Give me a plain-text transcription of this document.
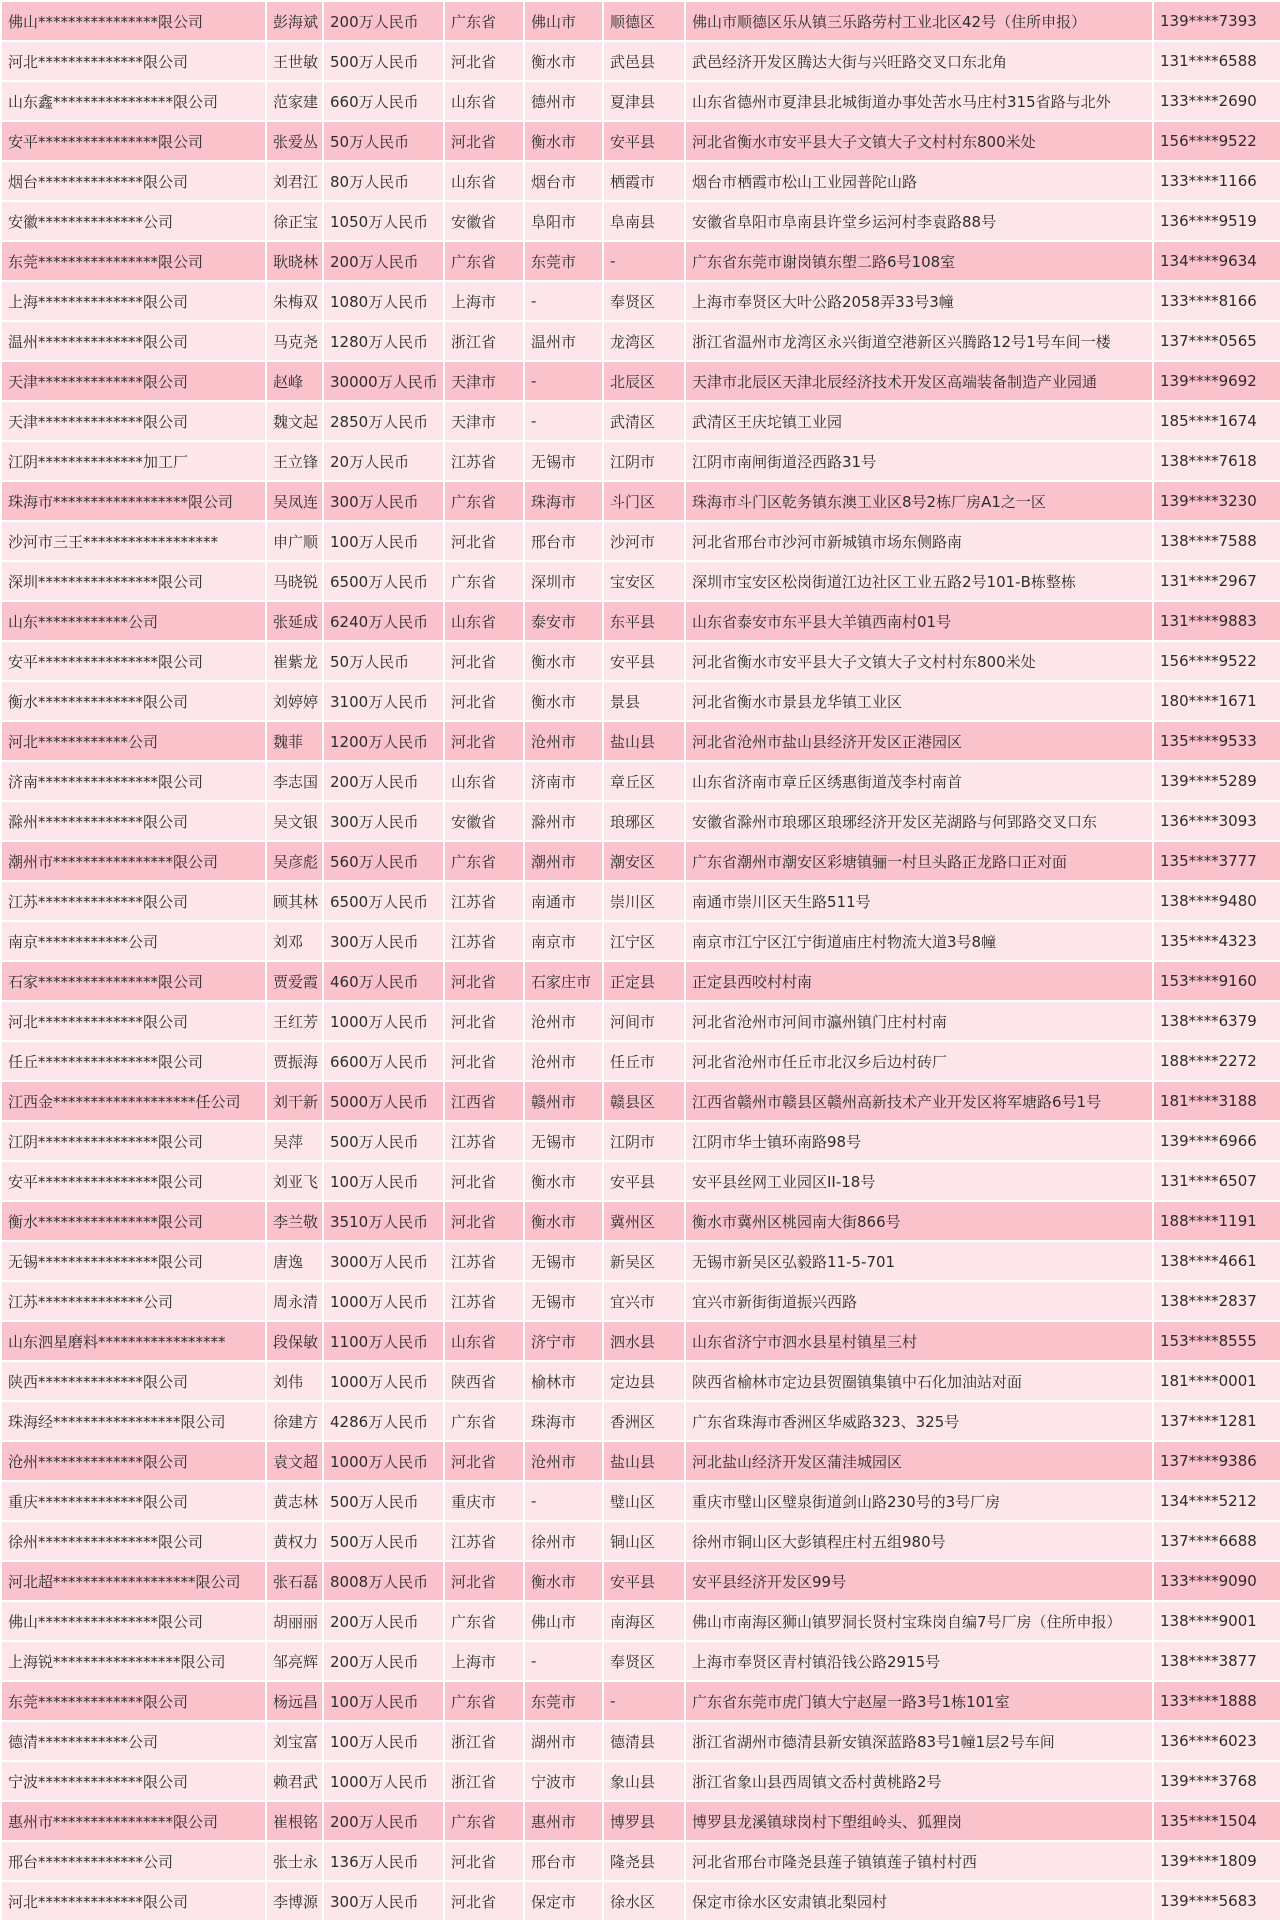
佛山****************限公司	彭海斌	200万人民币	广东省	佛山市	顺德区	佛山市顺德区乐从镇三乐路劳村工业北区42号（住所申报）	139****7393
河北**************限公司	王世敏	500万人民币	河北省	衡水市	武邑县	武邑经济开发区腾达大街与兴旺路交叉口东北角	131****6588
山东鑫****************限公司	范家建	660万人民币	山东省	德州市	夏津县	山东省德州市夏津县北城街道办事处苦水马庄村315省路与北外	133****2690
安平****************限公司	张爱丛	50万人民币	河北省	衡水市	安平县	河北省衡水市安平县大子文镇大子文村村东800米处	156****9522
烟台**************限公司	刘君江	80万人民币	山东省	烟台市	栖霞市	烟台市栖霞市松山工业园普陀山路	133****1166
安徽**************公司	徐正宝	1050万人民币	安徽省	阜阳市	阜南县	安徽省阜阳市阜南县许堂乡运河村李袁路88号	136****9519
东莞****************限公司	耿晓林	200万人民币	广东省	东莞市	-	广东省东莞市谢岗镇东塱二路6号108室	134****9634
上海**************限公司	朱梅双	1080万人民币	上海市	-	奉贤区	上海市奉贤区大叶公路2058弄33号3幢	133****8166
温州**************限公司	马克尧	1280万人民币	浙江省	温州市	龙湾区	浙江省温州市龙湾区永兴街道空港新区兴腾路12号1号车间一楼	137****0565
天津**************限公司	赵峰	30000万人民币	天津市	-	北辰区	天津市北辰区天津北辰经济技术开发区高端装备制造产业园通	139****9692
天津**************限公司	魏文起	2850万人民币	天津市	-	武清区	武清区王庆坨镇工业园	185****1674
江阴**************加工厂	王立锋	20万人民币	江苏省	无锡市	江阴市	江阴市南闸街道泾西路31号	138****7618
珠海市******************限公司	吴凤连	300万人民币	广东省	珠海市	斗门区	珠海市斗门区乾务镇东澳工业区8号2栋厂房A1之一区	139****3230
沙河市三王******************	申广顺	100万人民币	河北省	邢台市	沙河市	河北省邢台市沙河市新城镇市场东侧路南	138****7588
深圳****************限公司	马晓锐	6500万人民币	广东省	深圳市	宝安区	深圳市宝安区松岗街道江边社区工业五路2号101-B栋整栋	131****2967
山东************公司	张延成	6240万人民币	山东省	泰安市	东平县	山东省泰安市东平县大羊镇西南村01号	131****9883
安平****************限公司	崔紫龙	50万人民币	河北省	衡水市	安平县	河北省衡水市安平县大子文镇大子文村村东800米处	156****9522
衡水**************限公司	刘婷婷	3100万人民币	河北省	衡水市	景县	河北省衡水市景县龙华镇工业区	180****1671
河北************公司	魏菲	1200万人民币	河北省	沧州市	盐山县	河北省沧州市盐山县经济开发区正港园区	135****9533
济南****************限公司	李志国	200万人民币	山东省	济南市	章丘区	山东省济南市章丘区绣惠街道茂李村南首	139****5289
滁州**************限公司	吴文银	300万人民币	安徽省	滁州市	琅琊区	安徽省滁州市琅琊区琅琊经济开发区芜湖路与何郢路交叉口东	136****3093
潮州市****************限公司	吴彦彪	560万人民币	广东省	潮州市	潮安区	广东省潮州市潮安区彩塘镇骊一村旦头路正龙路口正对面	135****3777
江苏**************限公司	顾其林	6500万人民币	江苏省	南通市	崇川区	南通市崇川区天生路511号	138****9480
南京************公司	刘邓	300万人民币	江苏省	南京市	江宁区	南京市江宁区江宁街道庙庄村物流大道3号8幢	135****4323
石家****************限公司	贾爱霞	460万人民币	河北省	石家庄市	正定县	正定县西咬村村南	153****9160
河北**************限公司	王红芳	1000万人民币	河北省	沧州市	河间市	河北省沧州市河间市瀛州镇门庄村村南	138****6379
任丘****************限公司	贾振海	6600万人民币	河北省	沧州市	任丘市	河北省沧州市任丘市北汉乡后边村砖厂	188****2272
江西金*******************任公司	刘干新	5000万人民币	江西省	赣州市	赣县区	江西省赣州市赣县区赣州高新技术产业开发区将军塘路6号1号	181****3188
江阴****************限公司	吴萍	500万人民币	江苏省	无锡市	江阴市	江阴市华士镇环南路98号	139****6966
安平****************限公司	刘亚飞	100万人民币	河北省	衡水市	安平县	安平县丝网工业园区II-18号	131****6507
衡水****************限公司	李兰敬	3510万人民币	河北省	衡水市	冀州区	衡水市冀州区桃园南大街866号	188****1191
无锡****************限公司	唐逸	3000万人民币	江苏省	无锡市	新吴区	无锡市新吴区弘毅路11-5-701	138****4661
江苏**************公司	周永清	1000万人民币	江苏省	无锡市	宜兴市	宜兴市新街街道振兴西路	138****2837
山东泗星磨料*****************	段保敏	1100万人民币	山东省	济宁市	泗水县	山东省济宁市泗水县星村镇星三村	153****8555
陕西**************限公司	刘伟	1000万人民币	陕西省	榆林市	定边县	陕西省榆林市定边县贺圈镇集镇中石化加油站对面	181****0001
珠海经*****************限公司	徐建方	4286万人民币	广东省	珠海市	香洲区	广东省珠海市香洲区华威路323、325号	137****1281
沧州**************限公司	袁文超	1000万人民币	河北省	沧州市	盐山县	河北盐山经济开发区蒲洼城园区	137****9386
重庆**************限公司	黄志林	500万人民币	重庆市	-	璧山区	重庆市璧山区璧泉街道剑山路230号的3号厂房	134****5212
徐州****************限公司	黄权力	500万人民币	江苏省	徐州市	铜山区	徐州市铜山区大彭镇程庄村五组980号	137****6688
河北超*******************限公司	张石磊	8008万人民币	河北省	衡水市	安平县	安平县经济开发区99号	133****9090
佛山****************限公司	胡丽丽	200万人民币	广东省	佛山市	南海区	佛山市南海区狮山镇罗洞长贤村宝珠岗自编7号厂房（住所申报）	138****9001
上海锐*****************限公司	邹亮辉	200万人民币	上海市	-	奉贤区	上海市奉贤区青村镇沿钱公路2915号	138****3877
东莞**************限公司	杨远昌	100万人民币	广东省	东莞市	-	广东省东莞市虎门镇大宁赵屋一路3号1栋101室	133****1888
德清************公司	刘宝富	100万人民币	浙江省	湖州市	德清县	浙江省湖州市德清县新安镇深蓝路83号1幢1层2号车间	136****6023
宁波**************限公司	赖君武	1000万人民币	浙江省	宁波市	象山县	浙江省象山县西周镇文岙村黄桃路2号	139****3768
惠州市****************限公司	崔根铭	200万人民币	广东省	惠州市	博罗县	博罗县龙溪镇球岗村下塱组岭头、狐狸岗	135****1504
邢台**************公司	张士永	136万人民币	河北省	邢台市	隆尧县	河北省邢台市隆尧县莲子镇镇莲子镇村村西	139****1809
河北**************限公司	李博源	300万人民币	河北省	保定市	徐水区	保定市徐水区安肃镇北梨园村	139****5683
